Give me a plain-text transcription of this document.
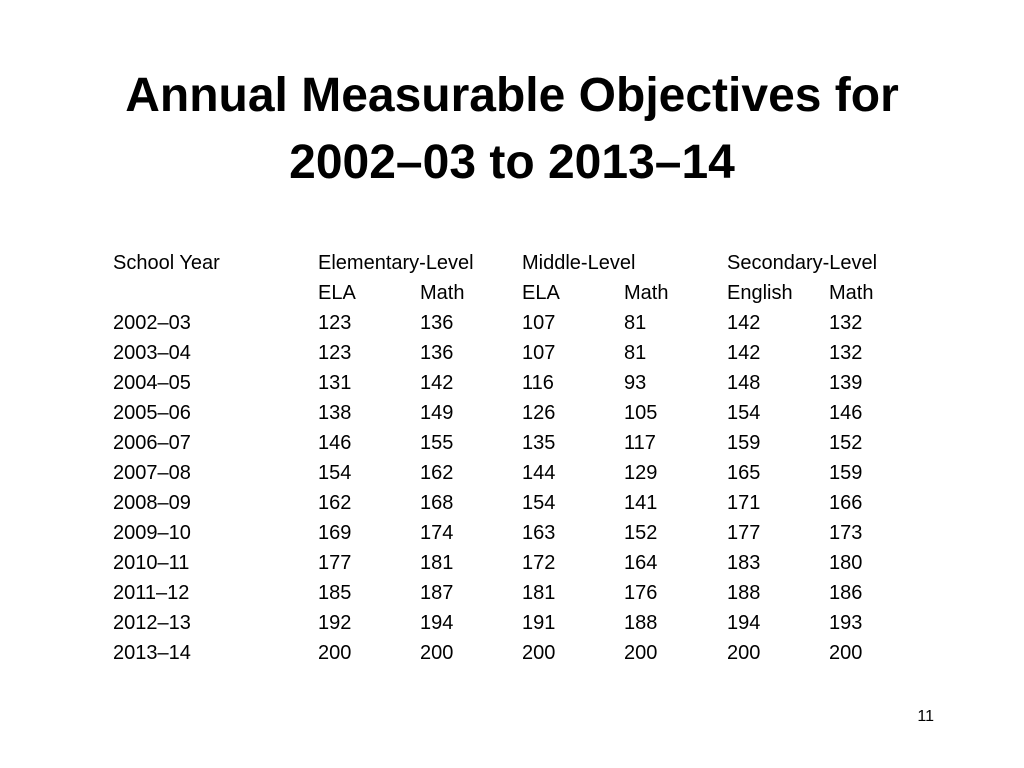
Annual Measurable Objectives for
2002–03 to 2013–14
School Year	Elementary-Level		Middle-Level		Secondary-Level	
	ELA	Math	ELA	Math	English	Math
2002–03	123	136	107	81	142	132
2003–04	123	136	107	81	142	132
2004–05	131	142	116	93	148	139
2005–06	138	149	126	105	154	146
2006–07	146	155	135	117	159	152
2007–08	154	162	144	129	165	159
2008–09	162	168	154	141	171	166
2009–10	169	174	163	152	177	173
2010–11	177	181	172	164	183	180
2011–12	185	187	181	176	188	186
2012–13	192	194	191	188	194	193
2013–14	200	200	200	200	200	200
11
